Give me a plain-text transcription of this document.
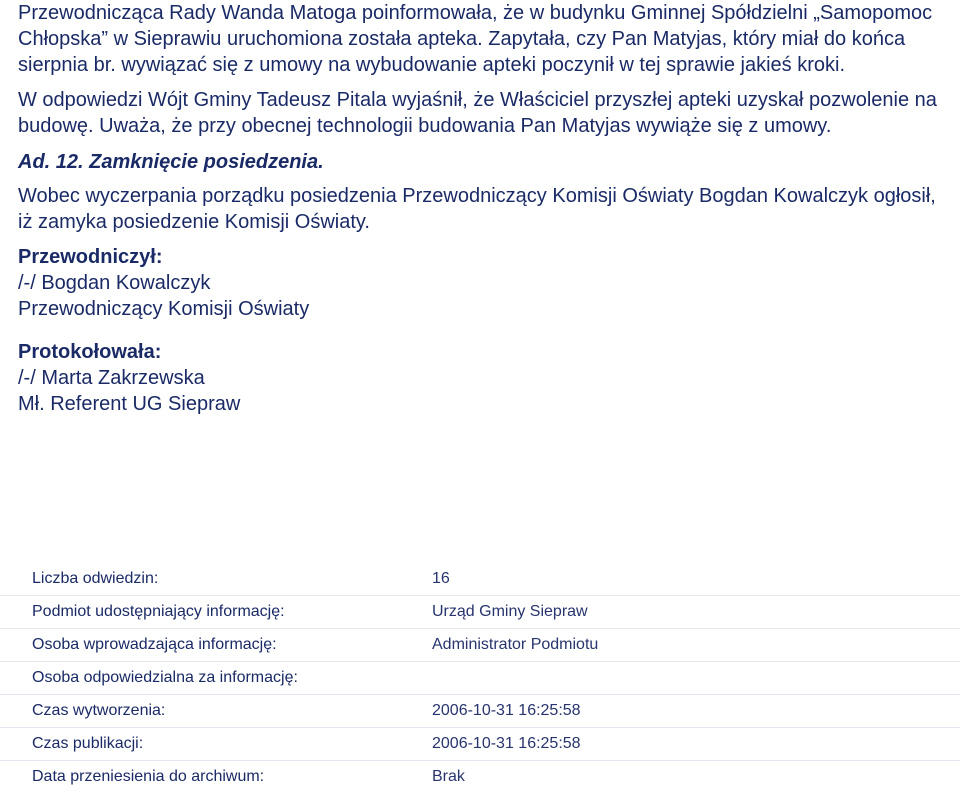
Przewodnicząca Rady Wanda Matoga poinformowała, że w budynku Gminnej Spółdzielni „Samopomoc Chłopska” w Sieprawiu uruchomiona została apteka. Zapytała, czy Pan Matyjas, który miał do końca sierpnia br. wywiązać się z umowy na wybudowanie apteki poczynił w tej sprawie jakieś kroki.

W odpowiedzi Wójt Gminy Tadeusz Pitala wyjaśnił, że Właściciel przyszłej apteki uzyskał pozwolenie na budowę. Uważa, że przy obecnej technologii budowania Pan Matyjas wywiąże się z umowy.

Ad. 12. Zamknięcie posiedzenia.

Wobec wyczerpania porządku posiedzenia Przewodniczący Komisji Oświaty Bogdan Kowalczyk ogłosił, iż zamyka posiedzenie Komisji Oświaty.

Przewodniczył:
/-/ Bogdan Kowalczyk
Przewodniczący Komisji Oświaty
Protokołowała:
/-/ Marta Zakrzewska
Mł. Referent UG Siepraw
Liczba odwiedzin:	16
Podmiot udostępniający informację:	Urząd Gminy Siepraw
Osoba wprowadzająca informację:	Administrator Podmiotu
Osoba odpowiedzialna za informację:	
Czas wytworzenia:	2006-10-31 16:25:58
Czas publikacji:	2006-10-31 16:25:58
Data przeniesienia do archiwum:	Brak
